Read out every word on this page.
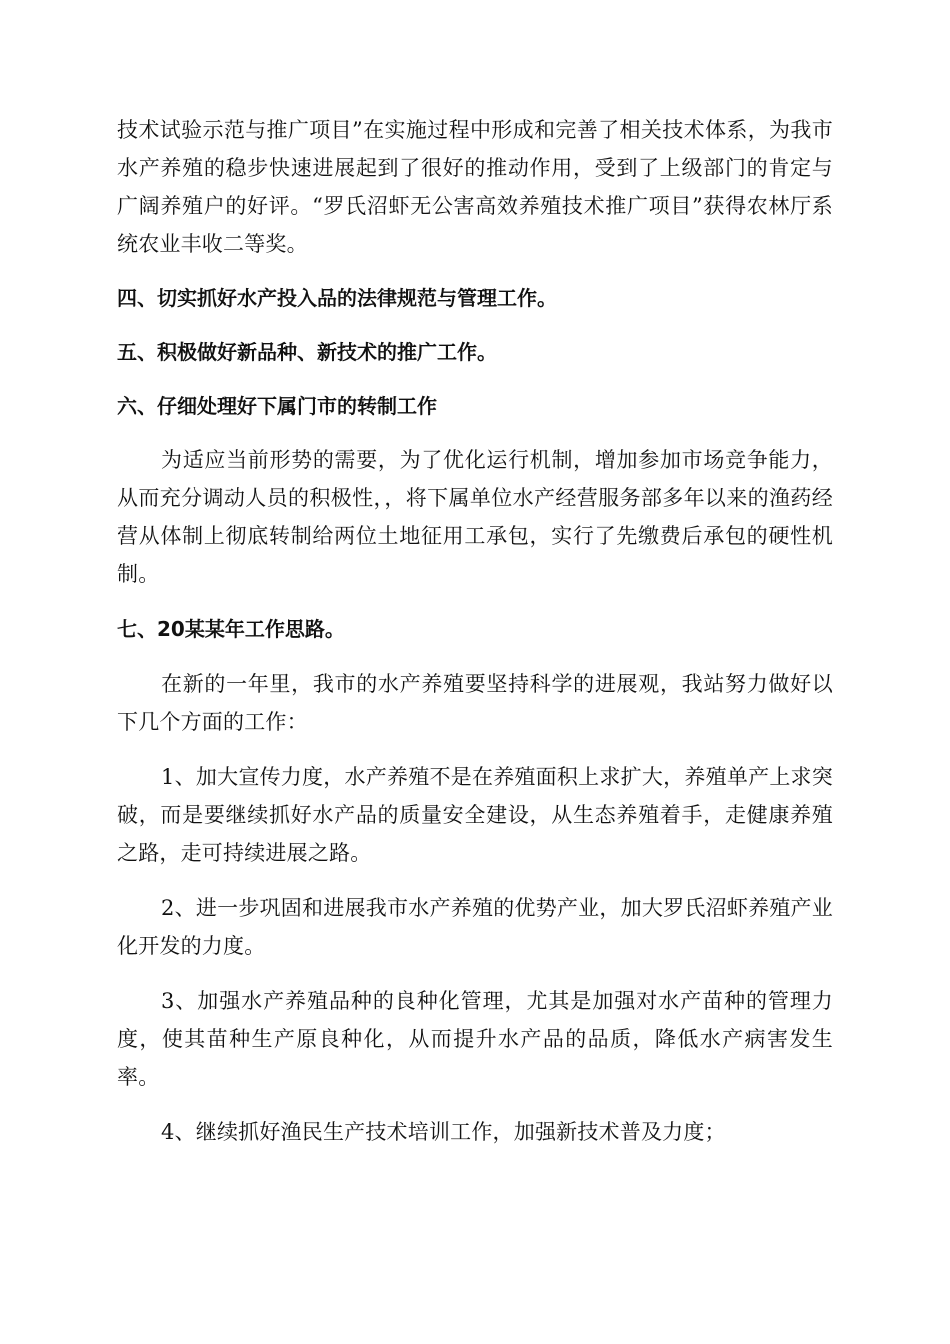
技术试验示范与推广项目”在实施过程中形成和完善了相关技术体系，为我市水产养殖的稳步快速进展起到了很好的推动作用，受到了上级部门的肯定与广阔养殖户的好评。“罗氏沼虾无公害高效养殖技术推广项目”获得农林厅系统农业丰收二等奖。

四、切实抓好水产投入品的法律规范与管理工作。

五、积极做好新品种、新技术的推广工作。

六、仔细处理好下属门市的转制工作

为适应当前形势的需要，为了优化运行机制，增加参加市场竞争能力，从而充分调动人员的积极性，，将下属单位水产经营服务部多年以来的渔药经营从体制上彻底转制给两位土地征用工承包，实行了先缴费后承包的硬性机制。

七、20某某年工作思路。

在新的一年里，我市的水产养殖要坚持科学的进展观，我站努力做好以下几个方面的工作：

1、加大宣传力度，水产养殖不是在养殖面积上求扩大，养殖单产上求突破，而是要继续抓好水产品的质量安全建设，从生态养殖着手，走健康养殖之路，走可持续进展之路。

2、进一步巩固和进展我市水产养殖的优势产业，加大罗氏沼虾养殖产业化开发的力度。

3、加强水产养殖品种的良种化管理，尤其是加强对水产苗种的管理力度，使其苗种生产原良种化，从而提升水产品的品质，降低水产病害发生率。

4、继续抓好渔民生产技术培训工作，加强新技术普及力度；
